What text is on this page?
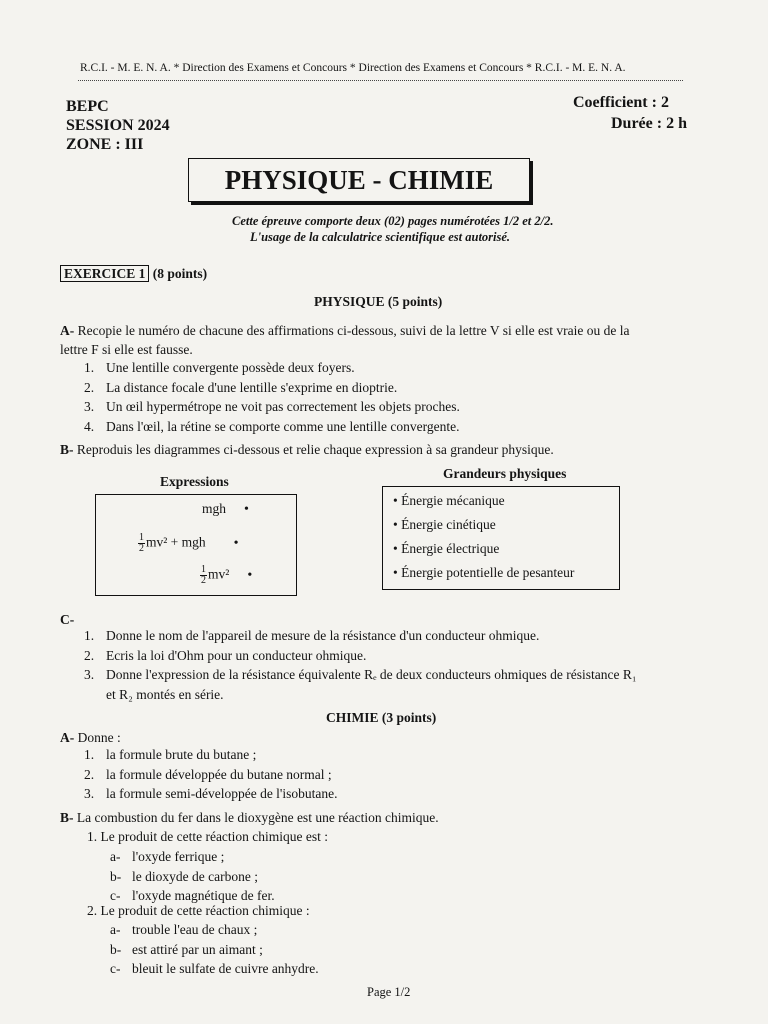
R.C.I. - M. E. N. A. * Direction des Examens et Concours * Direction des Examens et Concours * R.C.I. - M. E. N. A.
BEPC
SESSION 2024
ZONE : III
Coefficient : 2
Durée : 2 h
PHYSIQUE - CHIMIE
Cette épreuve comporte deux (02) pages numérotées 1/2 et 2/2.
L'usage de la calculatrice scientifique est autorisé.
EXERCICE 1 (8 points)
PHYSIQUE (5 points)
A- Recopie le numéro de chacune des affirmations ci-dessous, suivi de la lettre V si elle est vraie ou de la
lettre F si elle est fausse.
1. Une lentille convergente possède deux foyers.
2. La distance focale d'une lentille s'exprime en dioptrie.
3. Un œil hypermétrope ne voit pas correctement les objets proches.
4. Dans l'œil, la rétine se comporte comme une lentille convergente.
B- Reproduis les diagrammes ci-dessous et relie chaque expression à sa grandeur physique.
Expressions
Grandeurs physiques
mgh •
$\frac{1}{2} mv^2$ + mgh •
$\frac{1}{2} mv^2$ •
• Énergie mécanique
• Énergie cinétique
• Énergie électrique
• Énergie potentielle de pesanteur
C-
1. Donne le nom de l'appareil de mesure de la résistance d'un conducteur ohmique.
2. Ecris la loi d'Ohm pour un conducteur ohmique.
3. Donne l'expression de la résistance équivalente Rₑ de deux conducteurs ohmiques de résistance R₁
et R₂ montés en série.
CHIMIE (3 points)
A- Donne :
1. la formule brute du butane ;
2. la formule développée du butane normal ;
3. la formule semi-développée de l'isobutane.
B- La combustion du fer dans le dioxygène est une réaction chimique.
1. Le produit de cette réaction chimique est :
a- l'oxyde ferrique ;
b- le dioxyde de carbone ;
c- l'oxyde magnétique de fer.
2. Le produit de cette réaction chimique :
a- trouble l'eau de chaux ;
b- est attiré par un aimant ;
c- bleuit le sulfate de cuivre anhydre.
Page 1/2
